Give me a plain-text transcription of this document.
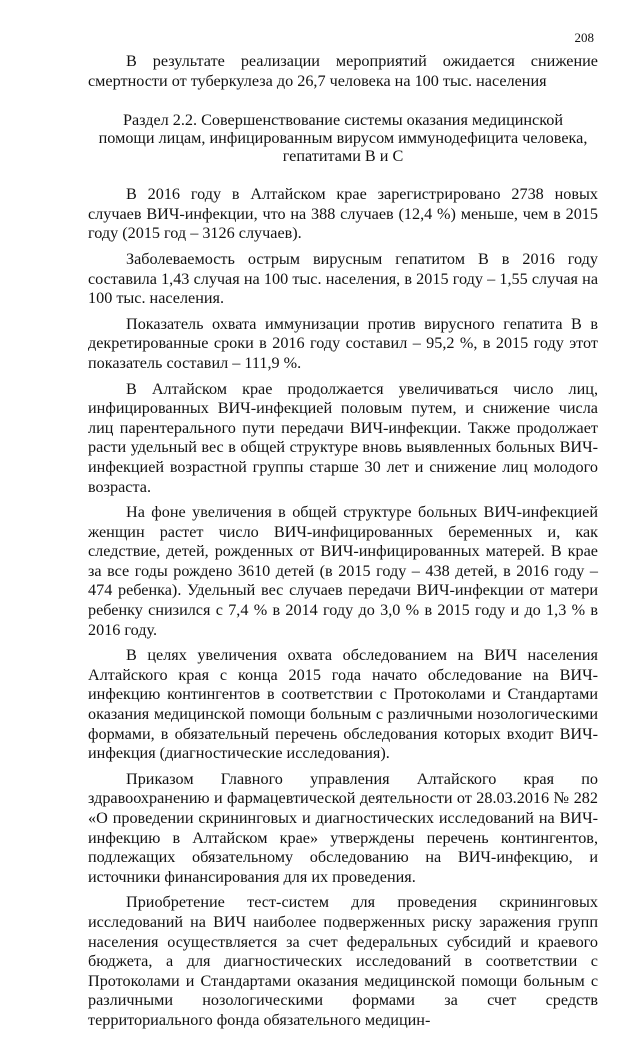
208

В результате реализации мероприятий ожидается снижение смертности от туберкулеза до 26,7 человека на 100 тыс. населения

Раздел 2.2. Совершенствование системы оказания медицинской помощи лицам, инфицированным вирусом иммунодефицита человека,
гепатитами В и С

В 2016 году в Алтайском крае зарегистрировано 2738 новых случаев ВИЧ-инфекции, что на 388 случаев (12,4 %) меньше, чем в 2015 году (2015 год – 3126 случаев).

Заболеваемость острым вирусным гепатитом В в 2016 году составила 1,43 случая на 100 тыс. населения, в 2015 году – 1,55 случая на 100 тыс. населения.

Показатель охвата иммунизации против вирусного гепатита В в декретированные сроки в 2016 году составил – 95,2 %, в 2015 году этот показатель составил – 111,9 %.

В Алтайском крае продолжается увеличиваться число лиц, инфицированных ВИЧ-инфекцией половым путем, и снижение числа лиц парентерального пути передачи ВИЧ-инфекции. Также продолжает расти удельный вес в общей структуре вновь выявленных больных ВИЧ-инфекцией возрастной группы старше 30 лет и снижение лиц молодого возраста.

На фоне увеличения в общей структуре больных ВИЧ-инфекцией женщин растет число ВИЧ-инфицированных беременных и, как следствие, детей, рожденных от ВИЧ-инфицированных матерей. В крае за все годы рождено 3610 детей (в 2015 году – 438 детей, в 2016 году – 474 ребенка). Удельный вес случаев передачи ВИЧ-инфекции от матери ребенку снизился с 7,4 % в 2014 году до 3,0 % в 2015 году и до 1,3 % в 2016 году.

В целях увеличения охвата обследованием на ВИЧ населения Алтайского края с конца 2015 года начато обследование на ВИЧ-инфекцию контингентов в соответствии с Протоколами и Стандартами оказания медицинской помощи больным с различными нозологическими формами, в обязательный перечень обследования которых входит ВИЧ-инфекция (диагностические исследования).

Приказом Главного управления Алтайского края по здравоохранению и фармацевтической деятельности от 28.03.2016 № 282 «О проведении скрининговых и диагностических исследований на ВИЧ-инфекцию в Алтайском крае» утверждены перечень контингентов, подлежащих обязательному обследованию на ВИЧ-инфекцию, и источники финансирования для их проведения.

Приобретение тест-систем для проведения скрининговых исследований на ВИЧ наиболее подверженных риску заражения групп населения осуществляется за счет федеральных субсидий и краевого бюджета, а для диагностических исследований в соответствии с Протоколами и Стандартами оказания медицинской помощи больным с различными нозологическими формами за счет средств территориального фонда обязательного медицин-
